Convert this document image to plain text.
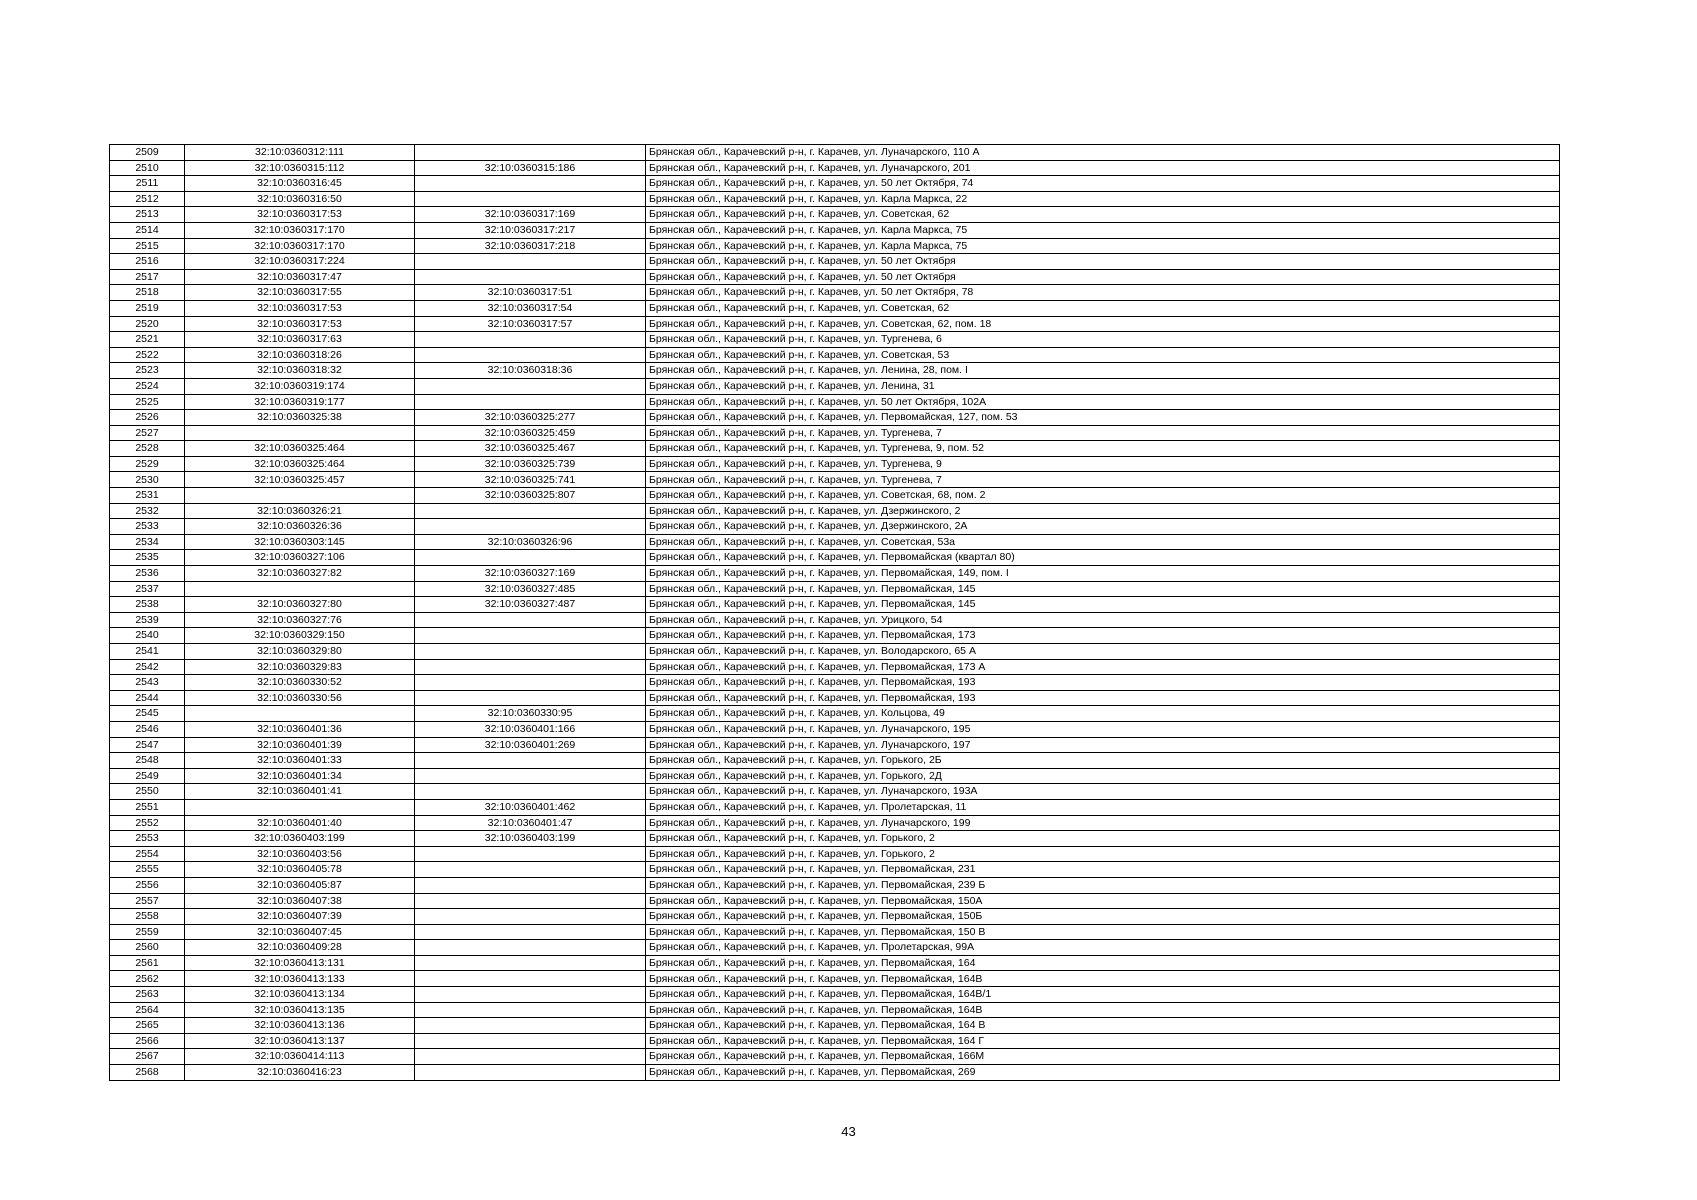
2509	32:10:0360312:111		Брянская обл., Карачевский р-н, г. Карачев, ул. Луначарского, 110 А
2510	32:10:0360315:112	32:10:0360315:186	Брянская обл., Карачевский р-н, г. Карачев, ул. Луначарского, 201
2511	32:10:0360316:45		Брянская обл., Карачевский р-н, г. Карачев, ул. 50 лет Октября, 74
2512	32:10:0360316:50		Брянская обл., Карачевский р-н, г. Карачев, ул. Карла Маркса, 22
2513	32:10:0360317:53	32:10:0360317:169	Брянская обл., Карачевский р-н, г. Карачев, ул. Советская, 62
2514	32:10:0360317:170	32:10:0360317:217	Брянская обл., Карачевский р-н, г. Карачев, ул. Карла Маркса, 75
2515	32:10:0360317:170	32:10:0360317:218	Брянская обл., Карачевский р-н, г. Карачев, ул. Карла Маркса, 75
2516	32:10:0360317:224		Брянская обл., Карачевский р-н, г. Карачев, ул. 50 лет Октября
2517	32:10:0360317:47		Брянская обл., Карачевский р-н, г. Карачев, ул. 50 лет Октября
2518	32:10:0360317:55	32:10:0360317:51	Брянская обл., Карачевский р-н, г. Карачев, ул. 50 лет Октября, 78
2519	32:10:0360317:53	32:10:0360317:54	Брянская обл., Карачевский р-н, г. Карачев, ул. Советская, 62
2520	32:10:0360317:53	32:10:0360317:57	Брянская обл., Карачевский р-н, г. Карачев, ул. Советская, 62, пом. 18
2521	32:10:0360317:63		Брянская обл., Карачевский р-н, г. Карачев, ул. Тургенева, 6
2522	32:10:0360318:26		Брянская обл., Карачевский р-н, г. Карачев, ул. Советская, 53
2523	32:10:0360318:32	32:10:0360318:36	Брянская обл., Карачевский р-н, г. Карачев, ул. Ленина, 28, пом. I
2524	32:10:0360319:174		Брянская обл., Карачевский р-н, г. Карачев, ул. Ленина, 31
2525	32:10:0360319:177		Брянская обл., Карачевский р-н, г. Карачев, ул. 50 лет Октября, 102А
2526	32:10:0360325:38	32:10:0360325:277	Брянская обл., Карачевский р-н, г. Карачев, ул. Первомайская, 127, пом. 53
2527		32:10:0360325:459	Брянская обл., Карачевский р-н, г. Карачев, ул. Тургенева, 7
2528	32:10:0360325:464	32:10:0360325:467	Брянская обл., Карачевский р-н, г. Карачев, ул. Тургенева, 9, пом. 52
2529	32:10:0360325:464	32:10:0360325:739	Брянская обл., Карачевский р-н, г. Карачев, ул. Тургенева, 9
2530	32:10:0360325:457	32:10:0360325:741	Брянская обл., Карачевский р-н, г. Карачев, ул. Тургенева, 7
2531		32:10:0360325:807	Брянская обл., Карачевский р-н, г. Карачев, ул. Советская, 68, пом. 2
2532	32:10:0360326:21		Брянская обл., Карачевский р-н, г. Карачев, ул. Дзержинского, 2
2533	32:10:0360326:36		Брянская обл., Карачевский р-н, г. Карачев, ул. Дзержинского, 2А
2534	32:10:0360303:145	32:10:0360326:96	Брянская обл., Карачевский р-н, г. Карачев, ул. Советская, 53а
2535	32:10:0360327:106		Брянская обл., Карачевский р-н, г. Карачев, ул. Первомайская (квартал 80)
2536	32:10:0360327:82	32:10:0360327:169	Брянская обл., Карачевский р-н, г. Карачев, ул. Первомайская, 149, пом. I
2537		32:10:0360327:485	Брянская обл., Карачевский р-н, г. Карачев, ул. Первомайская, 145
2538	32:10:0360327:80	32:10:0360327:487	Брянская обл., Карачевский р-н, г. Карачев, ул. Первомайская, 145
2539	32:10:0360327:76		Брянская обл., Карачевский р-н, г. Карачев, ул. Урицкого, 54
2540	32:10:0360329:150		Брянская обл., Карачевский р-н, г. Карачев, ул. Первомайская, 173
2541	32:10:0360329:80		Брянская обл., Карачевский р-н, г. Карачев, ул. Володарского, 65 А
2542	32:10:0360329:83		Брянская обл., Карачевский р-н, г. Карачев, ул. Первомайская, 173 А
2543	32:10:0360330:52		Брянская обл., Карачевский р-н, г. Карачев, ул. Первомайская, 193
2544	32:10:0360330:56		Брянская обл., Карачевский р-н, г. Карачев, ул. Первомайская, 193
2545		32:10:0360330:95	Брянская обл., Карачевский р-н, г. Карачев, ул. Кольцова, 49
2546	32:10:0360401:36	32:10:0360401:166	Брянская обл., Карачевский р-н, г. Карачев, ул. Луначарского, 195
2547	32:10:0360401:39	32:10:0360401:269	Брянская обл., Карачевский р-н, г. Карачев, ул. Луначарского, 197
2548	32:10:0360401:33		Брянская обл., Карачевский р-н, г. Карачев, ул. Горького, 2Б
2549	32:10:0360401:34		Брянская обл., Карачевский р-н, г. Карачев, ул. Горького, 2Д
2550	32:10:0360401:41		Брянская обл., Карачевский р-н, г. Карачев, ул. Луначарского, 193А
2551		32:10:0360401:462	Брянская обл., Карачевский р-н, г. Карачев, ул. Пролетарская, 11
2552	32:10:0360401:40	32:10:0360401:47	Брянская обл., Карачевский р-н, г. Карачев, ул. Луначарского, 199
2553	32:10:0360403:199	32:10:0360403:199	Брянская обл., Карачевский р-н, г. Карачев, ул. Горького, 2
2554	32:10:0360403:56		Брянская обл., Карачевский р-н, г. Карачев, ул. Горького, 2
2555	32:10:0360405:78		Брянская обл., Карачевский р-н, г. Карачев, ул. Первомайская, 231
2556	32:10:0360405:87		Брянская обл., Карачевский р-н, г. Карачев, ул. Первомайская, 239 Б
2557	32:10:0360407:38		Брянская обл., Карачевский р-н, г. Карачев, ул. Первомайская, 150А
2558	32:10:0360407:39		Брянская обл., Карачевский р-н, г. Карачев, ул. Первомайская, 150Б
2559	32:10:0360407:45		Брянская обл., Карачевский р-н, г. Карачев, ул. Первомайская, 150 В
2560	32:10:0360409:28		Брянская обл., Карачевский р-н, г. Карачев, ул. Пролетарская, 99А
2561	32:10:0360413:131		Брянская обл., Карачевский р-н, г. Карачев, ул. Первомайская, 164
2562	32:10:0360413:133		Брянская обл., Карачевский р-н, г. Карачев, ул. Первомайская, 164В
2563	32:10:0360413:134		Брянская обл., Карачевский р-н, г. Карачев, ул. Первомайская, 164В/1
2564	32:10:0360413:135		Брянская обл., Карачевский р-н, г. Карачев, ул. Первомайская, 164В
2565	32:10:0360413:136		Брянская обл., Карачевский р-н, г. Карачев, ул. Первомайская, 164 В
2566	32:10:0360413:137		Брянская обл., Карачевский р-н, г. Карачев, ул. Первомайская, 164 Г
2567	32:10:0360414:113		Брянская обл., Карачевский р-н, г. Карачев, ул. Первомайская, 166М
2568	32:10:0360416:23		Брянская обл., Карачевский р-н, г. Карачев, ул. Первомайская, 269
43
